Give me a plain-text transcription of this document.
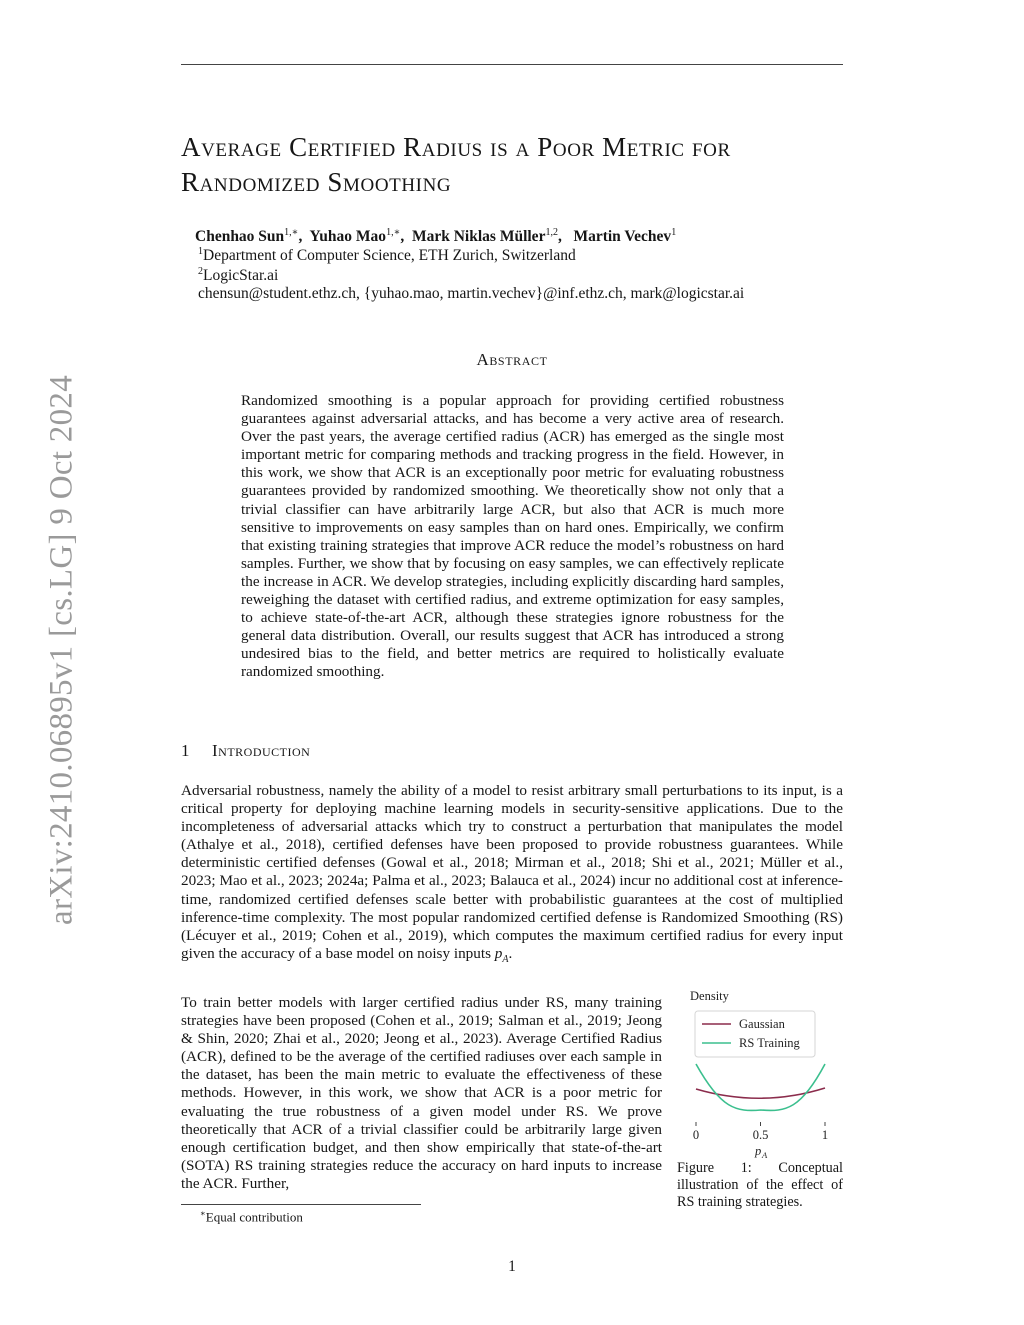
arXiv:2410.06895v1 [cs.LG] 9 Oct 2024
Average Certified Radius is a Poor Metric for
Randomized Smoothing
Chenhao Sun$^{1,∗}$,  Yuhao Mao$^{1,∗}$,  Mark Niklas Müller$^{1,2}$,   Martin Vechev$^1$
$^1$Department of Computer Science, ETH Zurich, Switzerland
$^2$LogicStar.ai
chensun@student.ethz.ch, {yuhao.mao, martin.vechev}@inf.ethz.ch, mark@logicstar.ai
Abstract
Randomized smoothing is a popular approach for providing certified robustness guarantees against adversarial attacks, and has become a very active area of research. Over the past years, the average certified radius (ACR) has emerged as the single most important metric for comparing methods and tracking progress in the field. However, in this work, we show that ACR is an exceptionally poor metric for evaluating robustness guarantees provided by randomized smoothing. We theoretically show not only that a trivial classifier can have arbitrarily large ACR, but also that ACR is much more sensitive to improvements on easy samples than on hard ones. Empirically, we confirm that existing training strategies that improve ACR reduce the model’s robustness on hard samples. Further, we show that by focusing on easy samples, we can effectively replicate the increase in ACR. We develop strategies, including explicitly discarding hard samples, reweighing the dataset with certified radius, and extreme optimization for easy samples, to achieve state-of-the-art ACR, although these strategies ignore robustness for the general data distribution. Overall, our results suggest that ACR has introduced a strong undesired bias to the field, and better metrics are required to holistically evaluate randomized smoothing.
1 Introduction
Adversarial robustness, namely the ability of a model to resist arbitrary small perturbations to its input, is a critical property for deploying machine learning models in security-sensitive applications. Due to the incompleteness of adversarial attacks which try to construct a perturbation that manipulates the model (Athalye et al., 2018), certified defenses have been proposed to provide robustness guarantees. While deterministic certified defenses (Gowal et al., 2018; Mirman et al., 2018; Shi et al., 2021; Müller et al., 2023; Mao et al., 2023; 2024a; Palma et al., 2023; Balauca et al., 2024) incur no additional cost at inference-time, randomized certified defenses scale better with probabilistic guarantees at the cost of multiplied inference-time complexity. The most popular randomized certified defense is Randomized Smoothing (RS) (Lécuyer et al., 2019; Cohen et al., 2019), which computes the maximum certified radius for every input given the accuracy of a base model on noisy inputs $p_A$.
To train better models with larger certified radius under RS, many training strategies have been proposed (Cohen et al., 2019; Salman et al., 2019; Jeong & Shin, 2020; Zhai et al., 2020; Jeong et al., 2023). Average Certified Radius (ACR), defined to be the average of the certified radiuses over each sample in the dataset, has been the main metric to evaluate the effectiveness of these methods. However, in this work, we show that ACR is a poor metric for evaluating the true robustness of a given model under RS. We prove theoretically that ACR of a trivial classifier could be arbitrarily large given enough certification budget, and then show empirically that state-of-the-art (SOTA) RS training strategies reduce the accuracy on hard inputs to increase the ACR. Further,
Density
Gaussian
RS Training
0	0.5	1
p A
Figure 1: Conceptual illustration of the effect of RS training strategies.
∗Equal contribution
1
